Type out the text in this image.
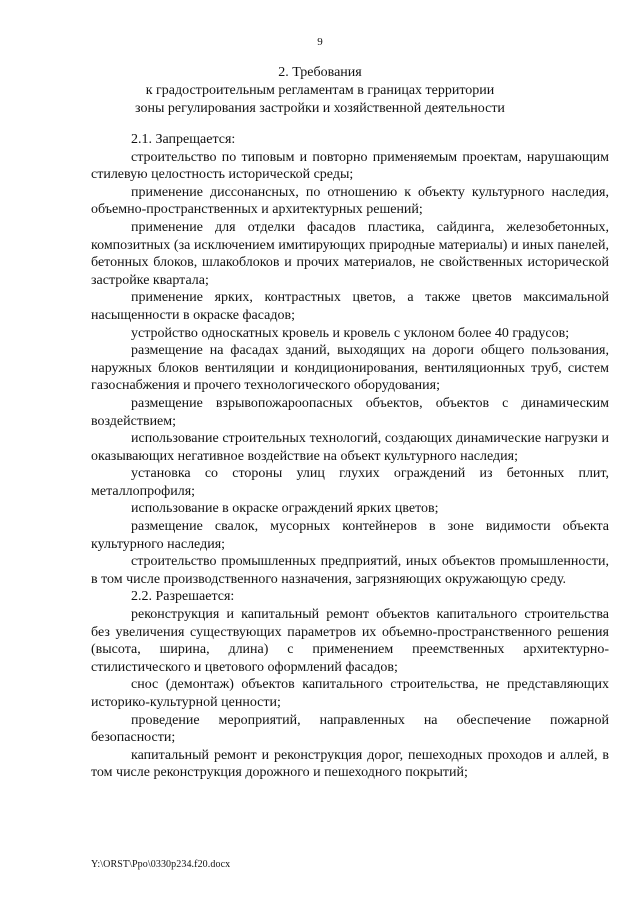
9
2. Требования
к градостроительным регламентам в границах территории
зоны регулирования застройки и хозяйственной деятельности

2.1. Запрещается:

строительство по типовым и повторно применяемым проектам, нарушающим стилевую целостность исторической среды;

применение диссонансных, по отношению к объекту культурного наследия, объемно-пространственных и архитектурных решений;

применение для отделки фасадов пластика, сайдинга, железобетонных, композитных (за исключением имитирующих природные материалы) и иных панелей, бетонных блоков, шлакоблоков и прочих материалов, не свойственных исторической застройке квартала;

применение ярких, контрастных цветов, а также цветов максимальной насыщенности в окраске фасадов;

устройство односкатных кровель и кровель с уклоном более 40 градусов;

размещение на фасадах зданий, выходящих на дороги общего пользования, наружных блоков вентиляции и кондиционирования, вентиляционных труб, систем газоснабжения и прочего технологического оборудования;

размещение взрывопожароопасных объектов, объектов с динамическим воздействием;

использование строительных технологий, создающих динамические нагрузки и оказывающих негативное воздействие на объект культурного наследия;

установка со стороны улиц глухих ограждений из бетонных плит, металлопрофиля;

использование в окраске ограждений ярких цветов;

размещение свалок, мусорных контейнеров в зоне видимости объекта культурного наследия;

строительство промышленных предприятий, иных объектов промышленности, в том числе производственного назначения, загрязняющих окружающую среду.

2.2. Разрешается:

реконструкция и капитальный ремонт объектов капитального строительства без увеличения существующих параметров их объемно-пространственного решения (высота, ширина, длина) с применением преемственных архитектурно-стилистического и цветового оформлений фасадов;

снос (демонтаж) объектов капитального строительства, не представляющих историко-культурной ценности;

проведение мероприятий, направленных на обеспечение пожарной безопасности;

капитальный ремонт и реконструкция дорог, пешеходных проходов и аллей, в том числе реконструкция дорожного и пешеходного покрытий;

Y:\ORST\Ppo\0330p234.f20.docx
